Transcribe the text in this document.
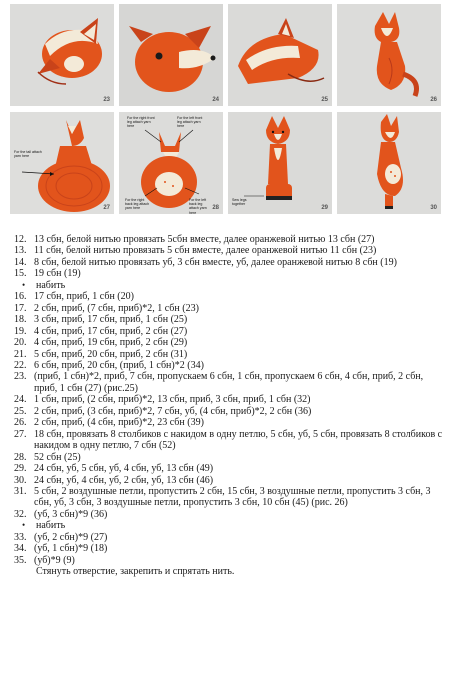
23	24	25	26
For the tail attach yarn here
27
For the right front leg attach yarn here
For the left front leg attach yarn here
For the right back leg attach yarn here
For the left back leg attach yarn here
28
Sew legs together
29	30
12. 13 сбн, белой нитью провязать 5сбн вместе, далее оранжевой нитью 13 сбн (27)
13. 11 сбн, белой нитью провязать 5 сбн вместе, далее оранжевой нитью 11 сбн (23)
14. 8 сбн, белой нитью провязать уб, 3 сбн вместе, уб, далее оранжевой нитью 8 сбн (19)
15. 19 сбн (19)
•	набить
16. 17 сбн, приб, 1 сбн (20)
17. 2 сбн, приб, (7 сбн, приб)*2, 1 сбн (23)
18. 3 сбн, приб, 17 сбн, приб, 1 сбн (25)
19. 4 сбн, приб, 17 сбн, приб, 2 сбн (27)
20. 4 сбн, приб, 19 сбн, приб, 2 сбн (29)
21. 5 сбн, приб, 20 сбн, приб, 2 сбн (31)
22. 6 сбн, приб, 20 сбн, (приб, 1 сбн)*2 (34)
23. (приб, 1 сбн)*2, приб, 7 сбн, пропускаем 6 сбн, 1 сбн, пропускаем 6 сбн, 4 сбн, приб, 2 сбн, приб, 1 сбн (27) (рис.25)
24. 1 сбн, приб, (2 сбн, приб)*2, 13 сбн, приб, 3 сбн, приб, 1 сбн (32)
25. 2 сбн, приб, (3 сбн, приб)*2, 7 сбн, уб, (4 сбн, приб)*2, 2 сбн (36)
26. 2 сбн, приб, (4 сбн, приб)*2, 23 сбн (39)
27. 18 сбн, провязать 8 столбиков с накидом в одну петлю, 5 сбн, уб, 5 сбн, провязать 8 столбиков с накидом в одну петлю, 7 сбн (52)
28. 52 сбн (25)
29. 24 сбн, уб, 5 сбн, уб, 4 сбн, уб, 13 сбн (49)
30. 24 сбн, уб, 4 сбн, уб, 2 сбн, уб, 13 сбн (46)
31. 5 сбн, 2 воздушные петли, пропустить 2 сбн, 15 сбн, 3 воздушные петли, пропустить 3 сбн, 3 сбн, уб, 3 сбн, 3 воздушные петли, пропустить 3 сбн, 10 сбн (45) (рис. 26)
32. (уб, 3 сбн)*9 (36)
•	набить
33. (уб, 2 сбн)*9 (27)
34. (уб, 1 сбн)*9 (18)
35. (уб)*9 (9)
Стянуть отверстие, закрепить и спрятать нить.
